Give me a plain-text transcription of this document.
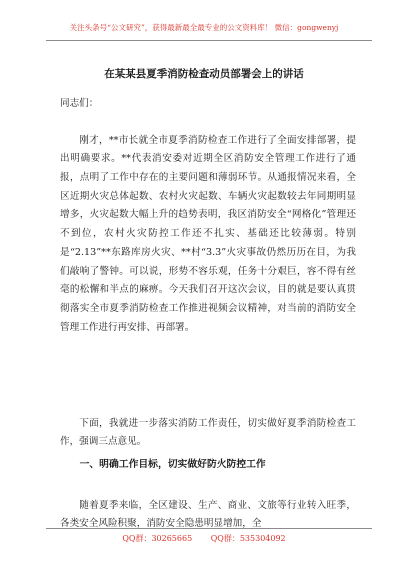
关注头条号“公文研究”，获得最新最全最专业的公文资料库！ 微信：gongwenyj
在某某县夏季消防检查动员部署会上的讲话
同志们：

刚才，**市长就全市夏季消防检查工作进行了全面安排部署，提出明确要求。**代表消安委对近期全区消防安全管理工作进行了通报，点明了工作中存在的主要问题和薄弱环节。从通报情况来看，全区近期火灾总体起数、农村火灾起数、车辆火灾起数较去年同期明显增多，火灾起数大幅上升的趋势表明，我区消防安全“网格化”管理还不到位，农村火灾防控工作还不扎实、基础还比较薄弱。特别是“2.13”**东路库房火灾、**村“3.3”火灾事故仍然历历在目，为我们敲响了警钟。可以说，形势不容乐观，任务十分艰巨，容不得有丝毫的松懈和半点的麻痹。今天我们召开这次会议，目的就是要认真贯彻落实全市夏季消防检查工作推进视频会议精神，对当前的消防安全管理工作进行再安排、再部署。

下面，我就进一步落实消防工作责任，切实做好夏季消防检查工作，强调三点意见。

一、明确工作目标，切实做好防火防控工作

随着夏季来临，全区建设、生产、商业、文旅等行业转入旺季，各类安全风险积聚，消防安全隐患明显增加，全

QQ群：30265665 QQ群：535304092
